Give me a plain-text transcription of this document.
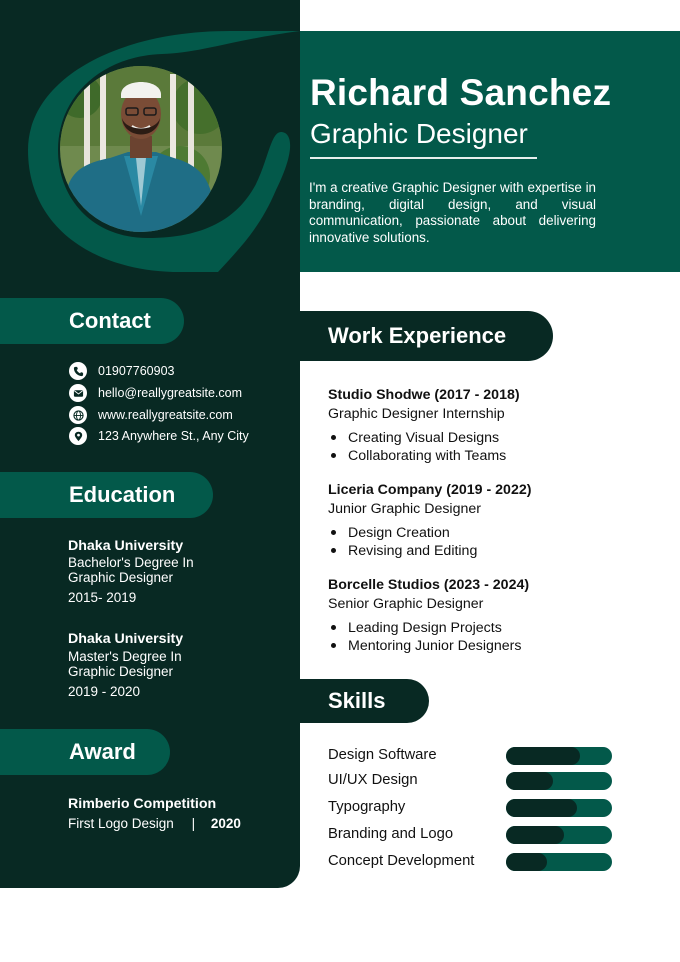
Richard Sanchez
Graphic Designer
I'm a creative Graphic Designer with expertise in branding, digital design, and visual communication, passionate about delivering innovative solutions.
Contact
01907760903
hello@reallygreatsite.com
www.reallygreatsite.com
123 Anywhere St., Any City
Education
Dhaka University
Bachelor's Degree In Graphic Designer
2015- 2019
Dhaka University
Master's Degree In Graphic Designer
2019 - 2020
Award
Rimberio Competition
First Logo Design | 2020
Work Experience
Studio Shodwe (2017 - 2018)
Graphic Designer Internship
Creating Visual Designs
Collaborating with Teams
Liceria Company (2019 - 2022)
Junior Graphic Designer
Design Creation
Revising and Editing
Borcelle Studios (2023 - 2024)
Senior Graphic Designer
Leading Design Projects
Mentoring Junior Designers
Skills
Design Software
UI/UX Design
Typography
Branding and Logo
Concept Development
